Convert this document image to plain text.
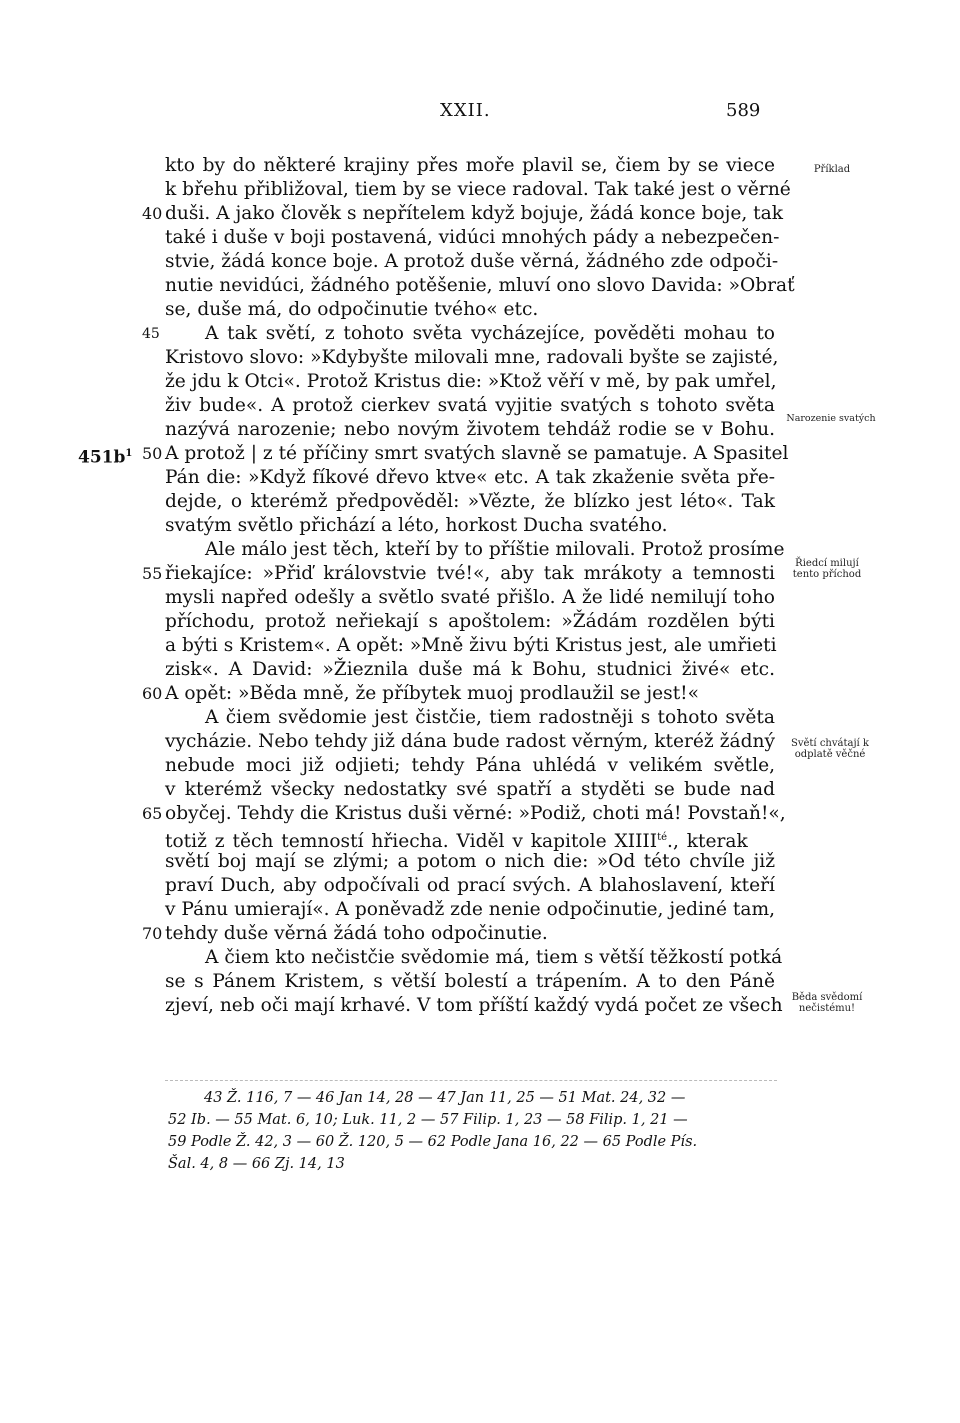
XXII.	589
kto by do některé krajiny přes moře plavil se, čiem by se viece
k břehu přibližoval, tiem by se viece radoval. Tak také jest o věrné
40 duši. A jako člověk s nepřítelem když bojuje, žádá konce boje, tak
také i duše v boji postavená, vidúci mnohých pády a nebezpečen-
stvie, žádá konce boje. A protož duše věrná, žádného zde odpoči-
nutie nevidúci, žádného potěšenie, mluví ono slovo Davida: »Obrať
se, duše má, do odpočinutie tvého« etc.
45 A tak světí, z tohoto světa vycházejíce, pověděti mohau to
Kristovo slovo: »Kdybyšte milovali mne, radovali byšte se zajisté,
že jdu k Otci«. Protož Kristus die: »Ktož věří v mě, by pak umřel,
živ bude«. A protož cierkev svatá vyjitie svatých s tohoto světa
nazývá narozenie; nebo novým životem tehdáž rodie se v Bohu.
$451b^1$ 50 A protož | z té příčiny smrt svatých slavně se pamatuje. A Spasitel
Pán die: »Když fíkové dřevo ktve« etc. A tak zkaženie světa pře-
dejde, o kterémž předpověděl: »Vězte, že blízko jest léto«. Tak
svatým světlo přichází a léto, horkost Ducha svatého.
Ale málo jest těch, kteří by to příštie milovali. Protož prosíme
55 řiekajíce: »Přiď královstvie tvé!«, aby tak mrákoty a temnosti
mysli napřed odešly a světlo svaté přišlo. A že lidé nemilují toho
příchodu, protož neřiekají s apoštolem: »Žádám rozdělen býti
a býti s Kristem«. A opět: »Mně živu býti Kristus jest, ale umřieti
zisk«. A David: »Žieznila duše má k Bohu, studnici živé« etc.
60 A opět: »Běda mně, že příbytek muoj prodlaužil se jest!«
A čiem svědomie jest čistčie, tiem radostněji s tohoto světa
vycházie. Nebo tehdy již dána bude radost věrným, kteréž žádný
nebude moci již odjieti; tehdy Pána uhlédá v velikém světle,
v kterémž všecky nedostatky své spatří a styděti se bude nad
65 obyčej. Tehdy die Kristus duši věrné: »Podiž, choti má! Povstaň!«,
totiž z těch temností hřiecha. Viděl v kapitole $XIIII^{té}$., kterak
světí boj mají se zlými; a potom o nich die: »Od této chvíle již
praví Duch, aby odpočívali od prací svých. A blahoslavení, kteří
v Pánu umierají«. A poněvadž zde nenie odpočinutie, jediné tam,
70 tehdy duše věrná žádá toho odpočinutie.
A čiem kto nečistčie svědomie má, tiem s větší těžkostí potká
se s Pánem Kristem, s větší bolestí a trápením. A to den Páně
zjeví, neb oči mají krhavé. V tom příští každý vydá počet ze všech
Příklad
Narozenie svatých
Řiedcí milují tento příchod
Světí chvátají k odplatě věčné
Běda svědomí nečistému!
43 Ž. 116, 7 — 46 Jan 14, 28 — 47 Jan 11, 25 — 51 Mat. 24, 32 —
52 Ib. — 55 Mat. 6, 10; Luk. 11, 2 — 57 Filip. 1, 23 — 58 Filip. 1, 21 —
59 Podle Ž. 42, 3 — 60 Ž. 120, 5 — 62 Podle Jana 16, 22 — 65 Podle Pís.
Šal. 4, 8 — 66 Zj. 14, 13
